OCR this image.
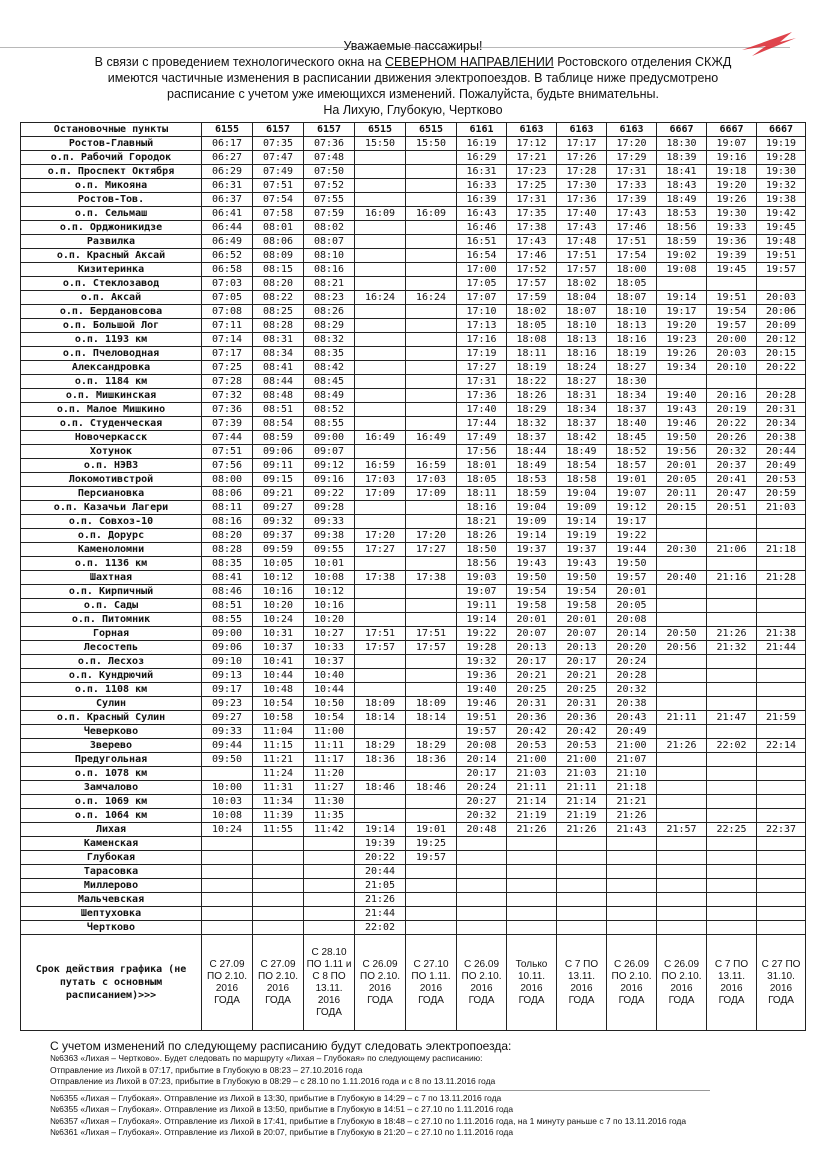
Уважаемые пассажиры!
В связи с проведением технологического окна на СЕВЕРНОМ НАПРАВЛЕНИИ Ростовского отделения СКЖД
имеются частичные изменения в расписании движения электропоездов. В таблице ниже предусмотрено
расписание с учетом уже имеющихся изменений. Пожалуйста, будьте внимательны.
На Лихую, Глубокую, Чертково
Остановочные пункты	6155	6157	6157	6515	6515	6161	6163	6163	6163	6667	6667	6667
Ростов-Главный	06:17	07:35	07:36	15:50	15:50	16:19	17:12	17:17	17:20	18:30	19:07	19:19
о.п. Рабочий Городок	06:27	07:47	07:48			16:29	17:21	17:26	17:29	18:39	19:16	19:28
о.п. Проспект Октября	06:29	07:49	07:50			16:31	17:23	17:28	17:31	18:41	19:18	19:30
о.п. Микояна	06:31	07:51	07:52			16:33	17:25	17:30	17:33	18:43	19:20	19:32
Ростов-Тов.	06:37	07:54	07:55			16:39	17:31	17:36	17:39	18:49	19:26	19:38
о.п. Сельмаш	06:41	07:58	07:59	16:09	16:09	16:43	17:35	17:40	17:43	18:53	19:30	19:42
о.п. Орджоникидзе	06:44	08:01	08:02			16:46	17:38	17:43	17:46	18:56	19:33	19:45
Развилка	06:49	08:06	08:07			16:51	17:43	17:48	17:51	18:59	19:36	19:48
о.п. Красный Аксай	06:52	08:09	08:10			16:54	17:46	17:51	17:54	19:02	19:39	19:51
Кизитеринка	06:58	08:15	08:16			17:00	17:52	17:57	18:00	19:08	19:45	19:57
о.п. Стеклозавод	07:03	08:20	08:21			17:05	17:57	18:02	18:05			
о.п. Аксай	07:05	08:22	08:23	16:24	16:24	17:07	17:59	18:04	18:07	19:14	19:51	20:03
о.п. Бердановсова	07:08	08:25	08:26			17:10	18:02	18:07	18:10	19:17	19:54	20:06
о.п. Большой Лог	07:11	08:28	08:29			17:13	18:05	18:10	18:13	19:20	19:57	20:09
о.п. 1193 км	07:14	08:31	08:32			17:16	18:08	18:13	18:16	19:23	20:00	20:12
о.п. Пчеловодная	07:17	08:34	08:35			17:19	18:11	18:16	18:19	19:26	20:03	20:15
Александровка	07:25	08:41	08:42			17:27	18:19	18:24	18:27	19:34	20:10	20:22
о.п. 1184 км	07:28	08:44	08:45			17:31	18:22	18:27	18:30			
о.п. Мишкинская	07:32	08:48	08:49			17:36	18:26	18:31	18:34	19:40	20:16	20:28
о.п. Малое Мишкино	07:36	08:51	08:52			17:40	18:29	18:34	18:37	19:43	20:19	20:31
о.п. Студенческая	07:39	08:54	08:55			17:44	18:32	18:37	18:40	19:46	20:22	20:34
Новочеркасск	07:44	08:59	09:00	16:49	16:49	17:49	18:37	18:42	18:45	19:50	20:26	20:38
Хотунок	07:51	09:06	09:07			17:56	18:44	18:49	18:52	19:56	20:32	20:44
о.п. НЭВЗ	07:56	09:11	09:12	16:59	16:59	18:01	18:49	18:54	18:57	20:01	20:37	20:49
Локомотивстрой	08:00	09:15	09:16	17:03	17:03	18:05	18:53	18:58	19:01	20:05	20:41	20:53
Персиановка	08:06	09:21	09:22	17:09	17:09	18:11	18:59	19:04	19:07	20:11	20:47	20:59
о.п. Казачьи Лагери	08:11	09:27	09:28			18:16	19:04	19:09	19:12	20:15	20:51	21:03
о.п. Совхоз-10	08:16	09:32	09:33			18:21	19:09	19:14	19:17			
о.п. Дорурс	08:20	09:37	09:38	17:20	17:20	18:26	19:14	19:19	19:22			
Каменоломни	08:28	09:59	09:55	17:27	17:27	18:50	19:37	19:37	19:44	20:30	21:06	21:18
о.п. 1136 км	08:35	10:05	10:01			18:56	19:43	19:43	19:50			
Шахтная	08:41	10:12	10:08	17:38	17:38	19:03	19:50	19:50	19:57	20:40	21:16	21:28
о.п. Кирпичный	08:46	10:16	10:12			19:07	19:54	19:54	20:01			
о.п. Сады	08:51	10:20	10:16			19:11	19:58	19:58	20:05			
о.п. Питомник	08:55	10:24	10:20			19:14	20:01	20:01	20:08			
Горная	09:00	10:31	10:27	17:51	17:51	19:22	20:07	20:07	20:14	20:50	21:26	21:38
Лесостепь	09:06	10:37	10:33	17:57	17:57	19:28	20:13	20:13	20:20	20:56	21:32	21:44
о.п. Лесхоз	09:10	10:41	10:37			19:32	20:17	20:17	20:24			
о.п. Кундрючий	09:13	10:44	10:40			19:36	20:21	20:21	20:28			
о.п. 1108 км	09:17	10:48	10:44			19:40	20:25	20:25	20:32			
Сулин	09:23	10:54	10:50	18:09	18:09	19:46	20:31	20:31	20:38			
о.п. Красный Сулин	09:27	10:58	10:54	18:14	18:14	19:51	20:36	20:36	20:43	21:11	21:47	21:59
Чеверково	09:33	11:04	11:00			19:57	20:42	20:42	20:49			
Зверево	09:44	11:15	11:11	18:29	18:29	20:08	20:53	20:53	21:00	21:26	22:02	22:14
Предугольная	09:50	11:21	11:17	18:36	18:36	20:14	21:00	21:00	21:07			
о.п. 1078 км		11:24	11:20			20:17	21:03	21:03	21:10			
Замчалово	10:00	11:31	11:27	18:46	18:46	20:24	21:11	21:11	21:18			
о.п. 1069 км	10:03	11:34	11:30			20:27	21:14	21:14	21:21			
о.п. 1064 км	10:08	11:39	11:35			20:32	21:19	21:19	21:26			
Лихая	10:24	11:55	11:42	19:14	19:01	20:48	21:26	21:26	21:43	21:57	22:25	22:37
Каменская				19:39	19:25							
Глубокая				20:22	19:57							
Тарасовка				20:44								
Миллерово				21:05								
Мальчевская				21:26								
Шептуховка				21:44								
Чертково				22:02								
Срок действия графика (не путать с основным расписанием)>>>	С 27.09 ПО 2.10. 2016 ГОДА	С 27.09 ПО 2.10. 2016 ГОДА	С 28.10 ПО 1.11 и С 8 ПО 13.11. 2016 ГОДА	С 26.09 ПО 2.10. 2016 ГОДА	С 27.10 ПО 1.11. 2016 ГОДА	С 26.09 ПО 2.10. 2016 ГОДА	Только 10.11. 2016 ГОДА	С 7 ПО 13.11. 2016 ГОДА	С 26.09 ПО 2.10. 2016 ГОДА	С 26.09 ПО 2.10. 2016 ГОДА	С 7 ПО 13.11. 2016 ГОДА	С 27 ПО 31.10. 2016 ГОДА
С учетом изменений по следующему расписанию будут следовать электропоезда:
№6363 «Лихая – Чертково». Будет следовать по маршруту «Лихая – Глубокая» по следующему расписанию:
Отправление из Лихой в 07:17, прибытие в Глубокую в 08:23 – 27.10.2016 года
Отправление из Лихой в 07:23, прибытие в Глубокую в 08:29 – с 28.10 по 1.11.2016 года и с 8 по 13.11.2016 года
№6355 «Лихая – Глубокая». Отправление из Лихой в 13:30, прибытие в Глубокую в 14:29 – с 7 по 13.11.2016 года
№6355 «Лихая – Глубокая». Отправление из Лихой в 13:50, прибытие в Глубокую в 14:51 – с 27.10 по 1.11.2016 года
№6357 «Лихая – Глубокая». Отправление из Лихой в 17:41, прибытие в Глубокую в 18:48 – с 27.10 по 1.11.2016 года, на 1 минуту раньше с 7 по 13.11.2016 года
№6361 «Лихая – Глубокая». Отправление из Лихой в 20:07, прибытие в Глубокую в 21:20 – с 27.10 по 1.11.2016 года
